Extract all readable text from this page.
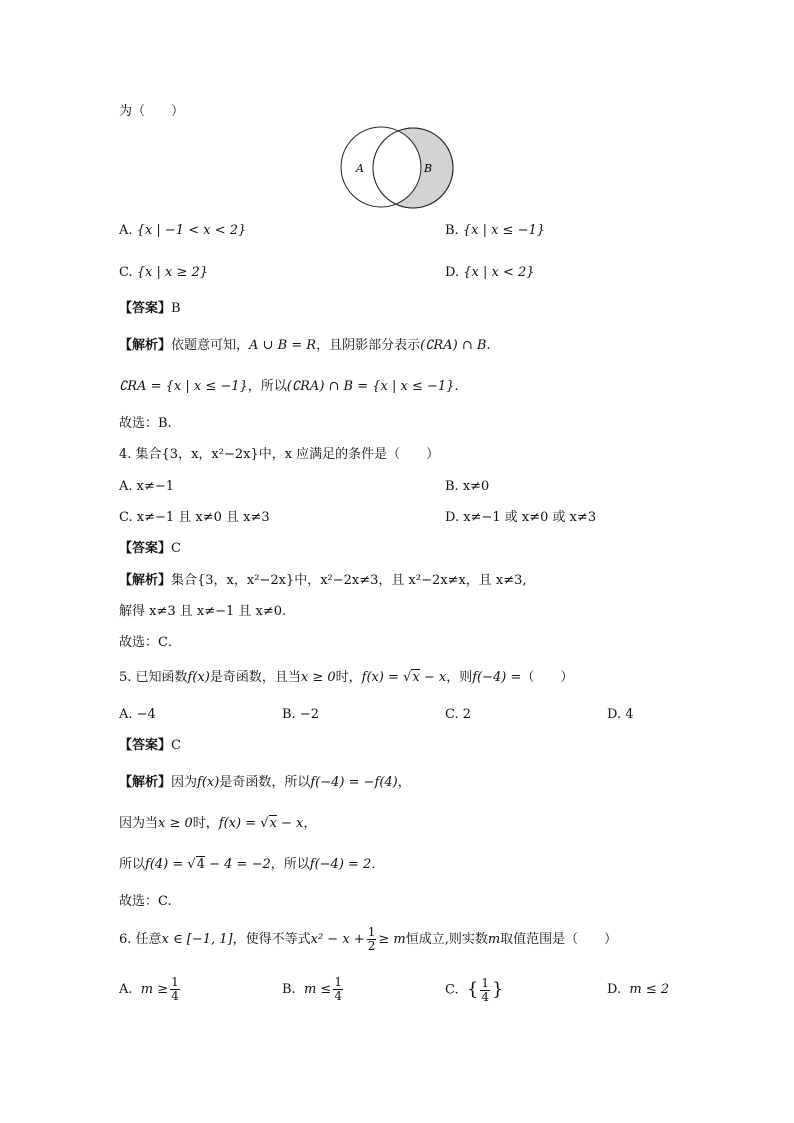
为（　　）
A	B
A. {x | −1 < x < 2}	B. {x | x ≤ −1}
C. {x | x ≥ 2}	D. {x | x < 2}
【答案】B
【解析】依题意可知，A ∪ B = R，且阴影部分表示(∁RA) ∩ B.
∁RA = {x | x ≤ −1}，所以(∁RA) ∩ B = {x | x ≤ −1}.
故选：B.
4. 集合{3，x，x²−2x}中，x 应满足的条件是（　　）
A. x≠−1	B. x≠0
C. x≠−1 且 x≠0 且 x≠3	D. x≠−1 或 x≠0 或 x≠3
【答案】C
【解析】集合{3，x，x²−2x}中，x²−2x≠3，且 x²−2x≠x，且 x≠3,
解得 x≠3 且 x≠−1 且 x≠0.
故选：C．
5. 已知函数f(x)是奇函数，且当x ≥ 0时，f(x) = √x − x，则f(−4) =（　　）
A. −4	B. −2	C. 2	D. 4
【答案】C
【解析】因为f(x)是奇函数，所以f(−4) = −f(4)，
因为当x ≥ 0时，f(x) = √x − x，
所以f(4) = √4 − 4 = −2，所以f(−4) = 2.
故选：C.
6. 任意x ∈ [−1, 1]，使得不等式$x^2 - x + \frac{1}{2} \ge m$恒成立,则实数m取值范围是（　　）
A. $m \ge \frac{1}{4}$	B. $m \le \frac{1}{4}$	C. { $\frac{1}{4}$ }	D. m ≤ 2
